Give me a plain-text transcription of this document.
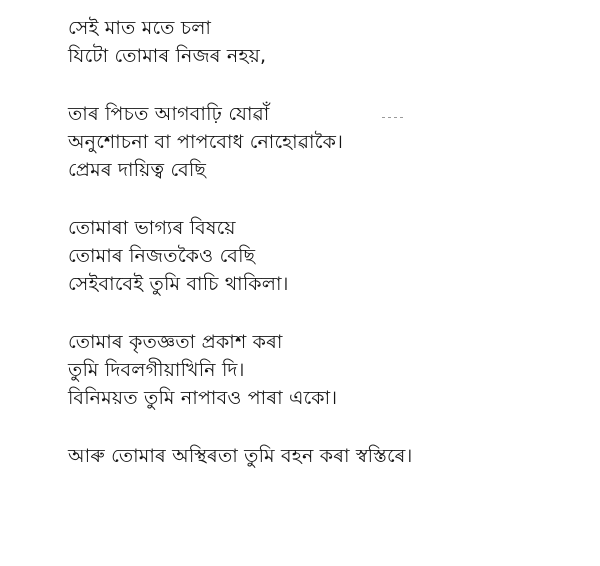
সেই মাত মতে চলা
যিটো তোমাৰ নিজৰ নহয়,
তাৰ পিচত আগবাঢ়ি যোৱাঁ
অনুশোচনা বা পাপবোধ নোহোৱাকৈ।
প্ৰেমৰ দায়িত্ব বেছি
তোমাৰা ভাগ্যৰ বিষয়ে
তোমাৰ নিজতকৈও বেছি
সেইবাবেই তুমি বাচি থাকিলা।
তোমাৰ কৃতজ্ঞতা প্ৰকাশ কৰা
তুমি দিবলগীয়াখিনি দি।
বিনিময়ত তুমি নাপাবও পাৰা একো।
আৰু তোমাৰ অস্থিৰতা তুমি বহন কৰা স্বস্তিৰে।
